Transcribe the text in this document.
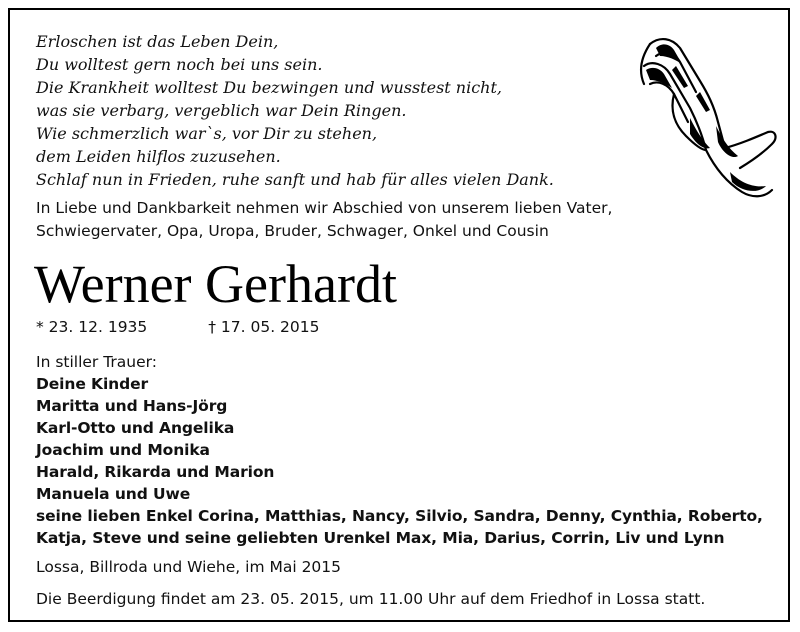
Erloschen ist das Leben Dein,
Du wolltest gern noch bei uns sein.
Die Krankheit wolltest Du bezwingen und wusstest nicht,
was sie verbarg, vergeblich war Dein Ringen.
Wie schmerzlich war`s, vor Dir zu stehen,
dem Leiden hilflos zuzusehen.
Schlaf nun in Frieden, ruhe sanft und hab für alles vielen Dank.
In Liebe und Dankbarkeit nehmen wir Abschied von unserem lieben Vater,
Schwiegervater, Opa, Uropa, Bruder, Schwager, Onkel und Cousin
Werner Gerhardt
* 23. 12. 1935	† 17. 05. 2015
In stiller Trauer:
Deine Kinder
Maritta und Hans-Jörg
Karl-Otto und Angelika
Joachim und Monika
Harald, Rikarda und Marion
Manuela und Uwe
seine lieben Enkel Corina, Matthias, Nancy, Silvio, Sandra, Denny, Cynthia, Roberto,
Katja, Steve und seine geliebten Urenkel Max, Mia, Darius, Corrin, Liv und Lynn
Lossa, Billroda und Wiehe, im Mai 2015
Die Beerdigung findet am 23. 05. 2015, um 11.00 Uhr auf dem Friedhof in Lossa statt.
